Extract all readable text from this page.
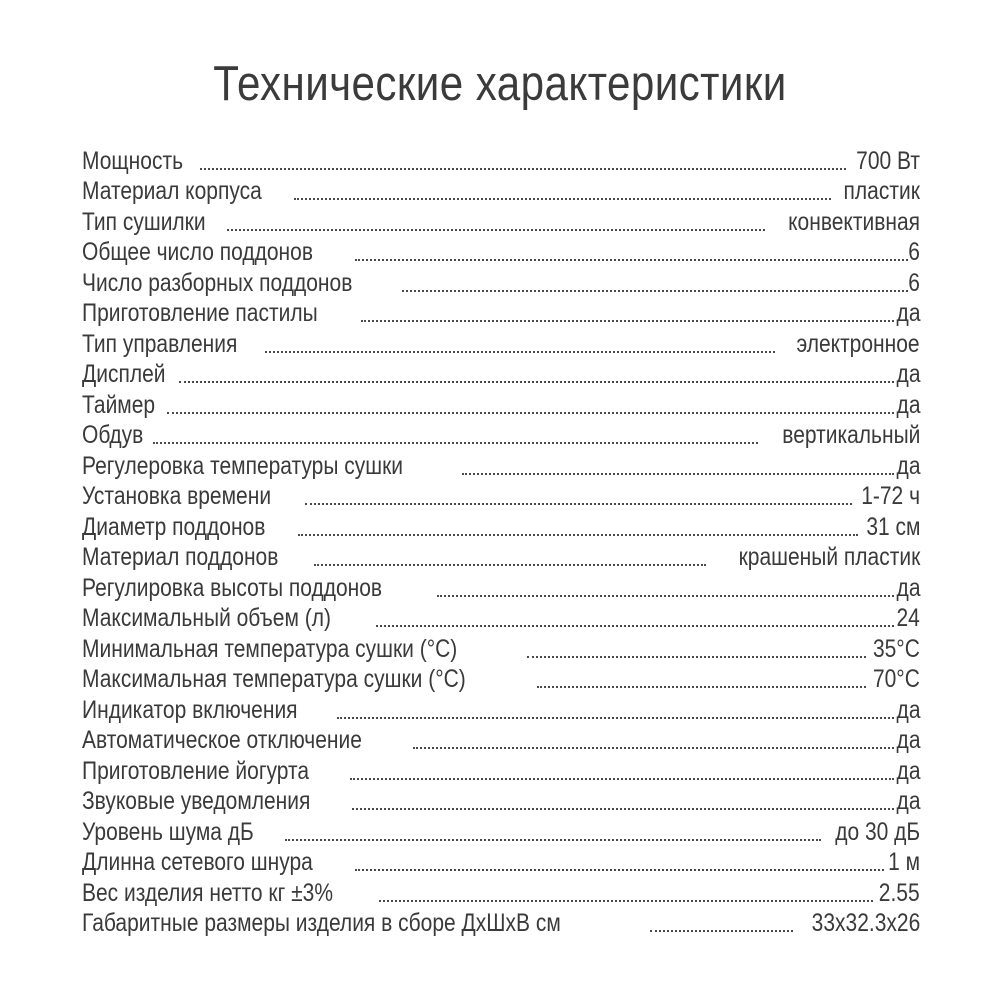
Технические характеристики
Мощность	700 Вт
Материал корпуса	пластик
Тип сушилки	конвективная
Общее число поддонов	6
Число разборных поддонов	6
Приготовление пастилы	да
Тип управления	электронное
Дисплей	да
Таймер	да
Обдув	вертикальный
Регулеровка температуры сушки	да
Установка времени	1-72 ч
Диаметр поддонов	31 см
Материал поддонов	крашеный пластик
Регулировка высоты поддонов	да
Максимальный объем (л)	24
Минимальная температура сушки (°С)	35°С
Максимальная температура сушки (°С)	70°С
Индикатор включения	да
Автоматическое отключение	да
Приготовление йогурта	да
Звуковые уведомления	да
Уровень шума дБ	до 30 дБ
Длинна сетевого шнура	1 м
Вес изделия нетто кг ±3%	2.55
Габаритные размеры изделия в сборе ДхШхВ см	33х32.3х26
